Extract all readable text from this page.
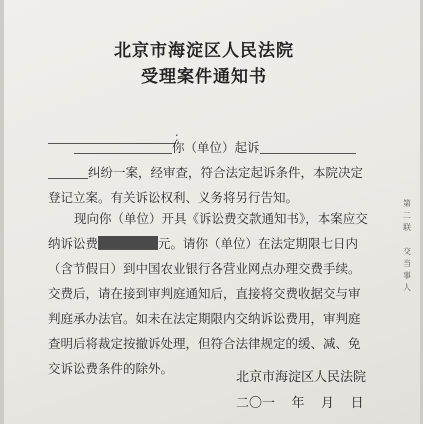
北京市海淀区人民法院
受理案件通知书
：

你（单位）起诉纠纷一案，经审查，符合法定起诉条件，本院决定登记立案。有关诉讼权利、义务将另行告知。

现向你（单位）开具《诉讼费交款通知书》，本案应交纳诉讼费	元。请你（单位）在法定期限七日内（含节假日）到中国农业银行各营业网点办理交费手续。交费后，请在接到审判庭通知后，直接将交费收据交与审判庭承办法官。如未在法定期限内交纳诉讼费用，审判庭查明后将裁定按撤诉处理，但符合法律规定的缓、减、免交诉讼费条件的除外。

第
二
联
交
当
事
人

北京市海淀区人民法院

二〇一    年    月    日
